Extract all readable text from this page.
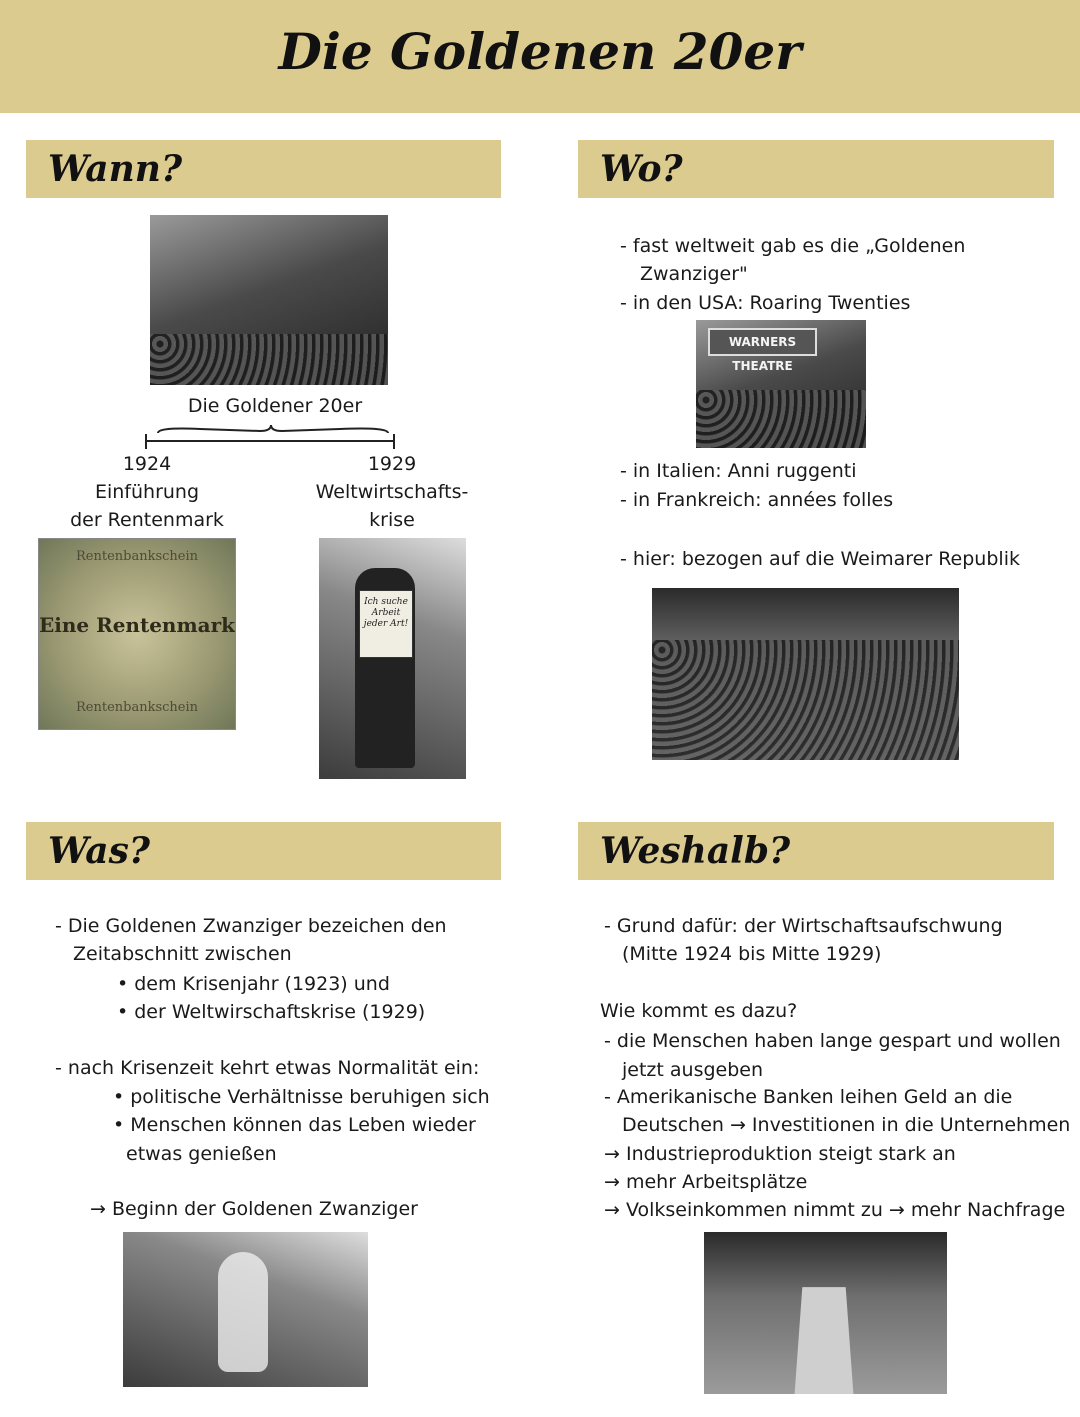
Die Goldenen 20er
Wann?
Die Goldener 20er
1924
Einführung
der Rentenmark
1929
Weltwirtschafts-
krise
Rentenbankschein
Eine Rentenmark
Rentenbankschein
Ich suche Arbeit jeder Art!
Wo?
- fast weltweit gab es die „Goldenen
Zwanziger"
- in den USA: Roaring Twenties
WARNERS THEATRE
- in Italien: Anni ruggenti
- in Frankreich: années folles
- hier: bezogen auf die Weimarer Republik
Was?
- Die Goldenen Zwanziger bezeichen den
Zeitabschnitt zwischen
• dem Krisenjahr (1923) und
• der Weltwirschaftskrise (1929)
- nach Krisenzeit kehrt etwas Normalität ein:
• politische Verhältnisse beruhigen sich
• Menschen können das Leben wieder
etwas genießen
→ Beginn der Goldenen Zwanziger
Weshalb?
- Grund dafür: der Wirtschaftsaufschwung
(Mitte 1924 bis Mitte 1929)
Wie kommt es dazu?
- die Menschen haben lange gespart und wollen
jetzt ausgeben
- Amerikanische Banken leihen Geld an die
Deutschen → Investitionen in die Unternehmen
→ Industrieproduktion steigt stark an
→ mehr Arbeitsplätze
→ Volkseinkommen nimmt zu → mehr Nachfrage
